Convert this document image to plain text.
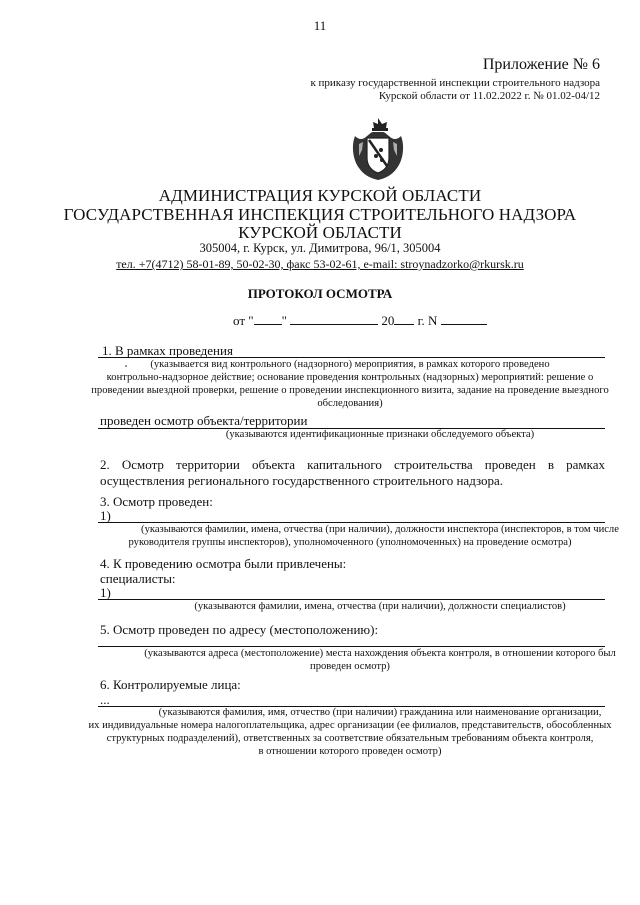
11
Приложение № 6
к приказу государственной инспекции строительного надзора
Курской области от 11.02.2022 г. № 01.02-04/12
АДМИНИСТРАЦИЯ КУРСКОЙ ОБЛАСТИ
ГОСУДАРСТВЕННАЯ ИНСПЕКЦИЯ СТРОИТЕЛЬНОГО НАДЗОРА
КУРСКОЙ ОБЛАСТИ
305004, г. Курск, ул. Димитрова, 96/1, 305004
тел. +7(4712) 58-01-89, 50-02-30, факс 53-02-61, e-mail: stroynadzorko@rkursk.ru
ПРОТОКОЛ ОСМОТРА
от " "	20 г. N
1. В рамках проведения
(указывается вид контрольного (надзорного) мероприятия, в рамках которого проведено
контрольно-надзорное действие; основание проведения контрольных (надзорных) мероприятий: решение о
проведении выездной проверки, решение о проведении инспекционного визита, задание на проведение выездного
обследования)
проведен осмотр объекта/территории
(указываются идентификационные признаки обследуемого объекта)
2. Осмотр территории объекта капитального строительства проведен в рамках осуществления регионального государственного строительного надзора.
3. Осмотр проведен:
1)
(указываются фамилии, имена, отчества (при наличии), должности инспектора (инспекторов, в том числе
руководителя группы инспекторов), уполномоченного (уполномоченных) на проведение осмотра)
4. К проведению осмотра были привлечены:
специалисты:
1)
(указываются фамилии, имена, отчества (при наличии), должности специалистов)
5. Осмотр проведен по адресу (местоположению):
(указываются адреса (местоположение) места нахождения объекта контроля, в отношении которого был
проведен осмотр)
6. Контролируемые лица:
...
(указываются фамилия, имя, отчество (при наличии) гражданина или наименование организации,
их индивидуальные номера налогоплательщика, адрес организации (ее филиалов, представительств, обособленных
структурных подразделений), ответственных за соответствие обязательным требованиям объекта контроля,
в отношении которого проведен осмотр)
